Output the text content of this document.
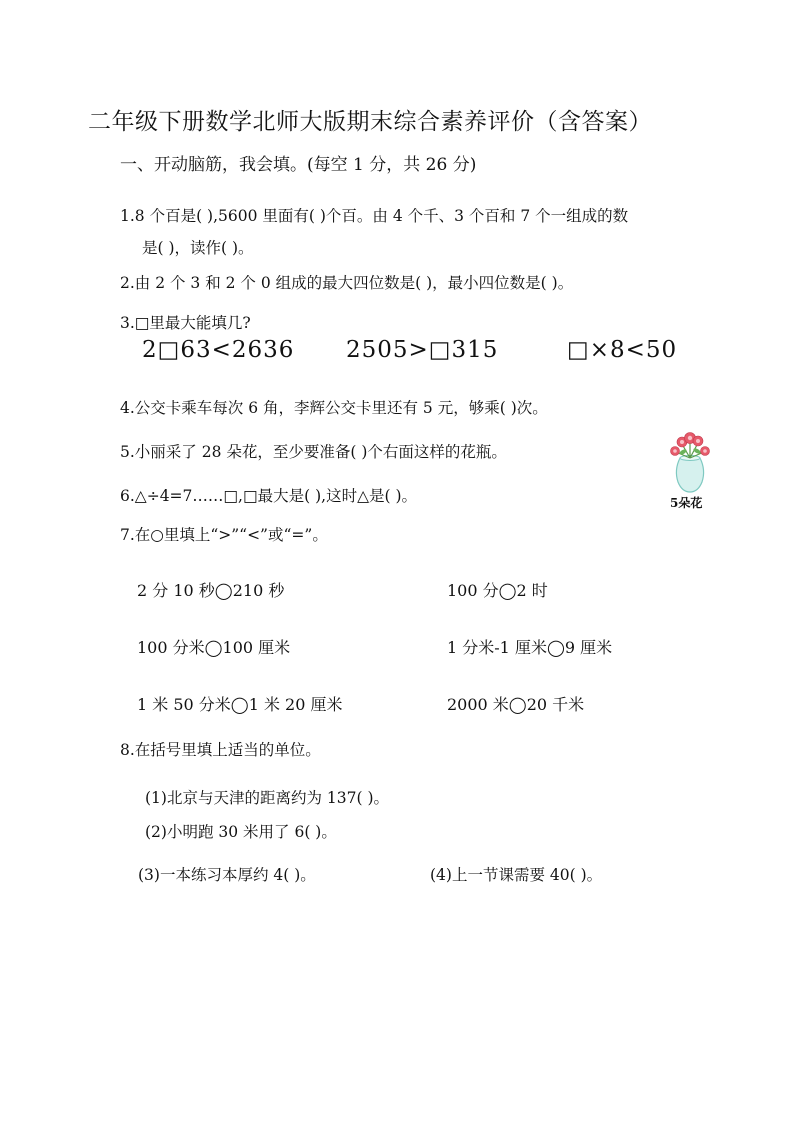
二年级下册数学北师大版期末综合素养评价（含答案）
一、开动脑筋，我会填。(每空 1 分，共 26 分)
1.8 个百是( ),5600 里面有( )个百。由 4 个千、3 个百和 7 个一组成的数
是( )，读作( )。
2.由 2 个 3 和 2 个 0 组成的最大四位数是( )，最小四位数是( )。
3.□里最大能填几?
2□63<2636 2505>□315	□×8<50
4.公交卡乘车每次 6 角，李辉公交卡里还有 5 元，够乘( )次。
5.小丽采了 28 朵花，至少要准备( )个右面这样的花瓶。
5朵花
6.△÷4=7……□,□最大是( ),这时△是( )。
7.在○里填上“>”“<”或“=”。
2 分 10 秒◯210 秒	100 分◯2 时
100 分米◯100 厘米	1 分米-1 厘米◯9 厘米
1 米 50 分米◯1 米 20 厘米	2000 米◯20 千米
8.在括号里填上适当的单位。
(1)北京与天津的距离约为 137( )。
(2)小明跑 30 米用了 6( )。
(3)一本练习本厚约 4( )。	(4)上一节课需要 40( )。
